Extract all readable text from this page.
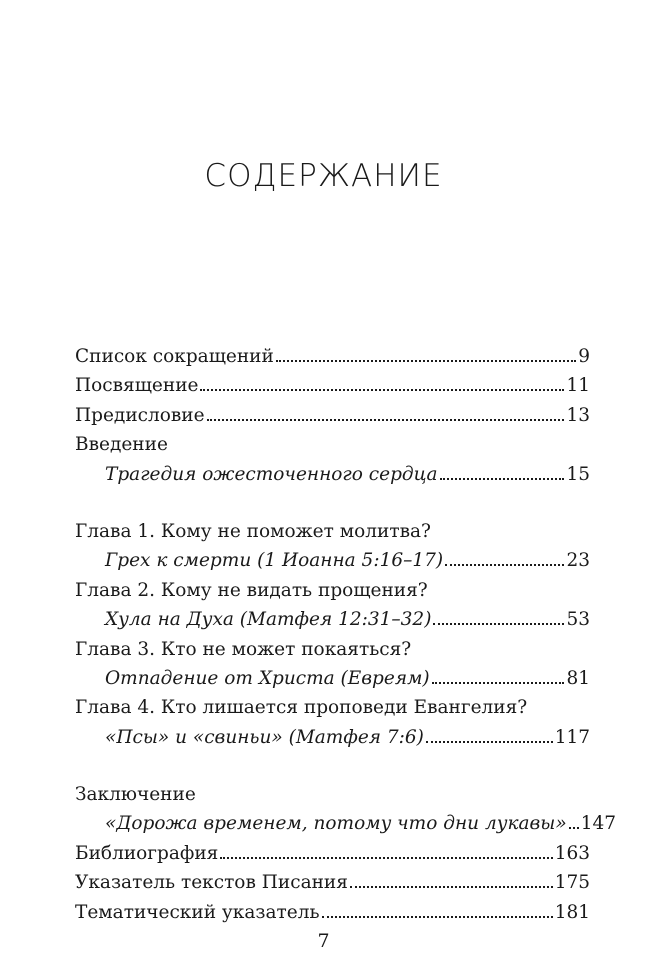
СОДЕРЖАНИЕ
Список сокращений	9
Посвящение	11
Предисловие	13
Введение
Трагедия ожесточенного сердца	15
Глава 1. Кому не поможет молитва?
Грех к смерти (1 Иоанна 5:16–17)	23
Глава 2. Кому не видать прощения?
Хула на Духа (Матфея 12:31–32)	53
Глава 3. Кто не может покаяться?
Отпадение от Христа (Евреям)	81
Глава 4. Кто лишается проповеди Евангелия?
«Псы» и «свиньи» (Матфея 7:6)	117
Заключение
«Дорожа временем, потому что дни лукавы» 147
Библиография	163
Указатель текстов Писания	175
Тематический указатель	181
7
